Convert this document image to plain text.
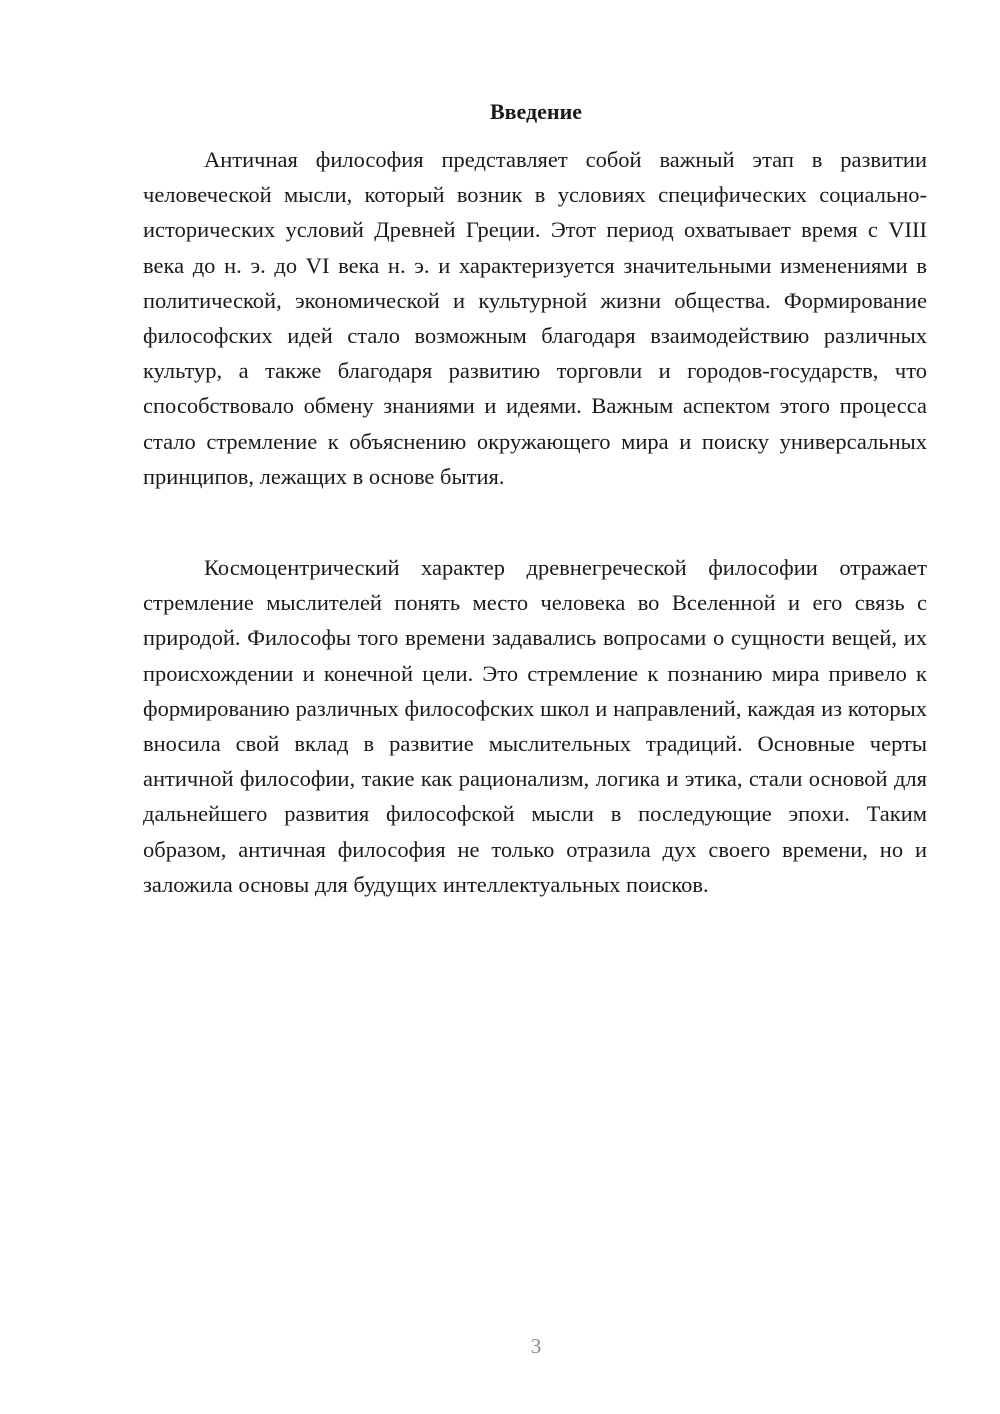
Введение

Античная философия представляет собой важный этап в развитии человеческой мысли, который возник в условиях специфических социально-исторических условий Древней Греции. Этот период охватывает время с VIII века до н. э. до VI века н. э. и характеризуется значительными изменениями в политической, экономической и культурной жизни общества. Формирование философских идей стало возможным благодаря взаимодействию различных культур, а также благодаря развитию торговли и городов-государств, что способствовало обмену знаниями и идеями. Важным аспектом этого процесса стало стремление к объяснению окружающего мира и поиску универсальных принципов, лежащих в основе бытия.

Космоцентрический характер древнегреческой философии отражает стремление мыслителей понять место человека во Вселенной и его связь с природой. Философы того времени задавались вопросами о сущности вещей, их происхождении и конечной цели. Это стремление к познанию мира привело к формированию различных философских школ и направлений, каждая из которых вносила свой вклад в развитие мыслительных традиций. Основные черты античной философии, такие как рационализм, логика и этика, стали основой для дальнейшего развития философской мысли в последующие эпохи. Таким образом, античная философия не только отразила дух своего времени, но и заложила основы для будущих интеллектуальных поисков.

3
